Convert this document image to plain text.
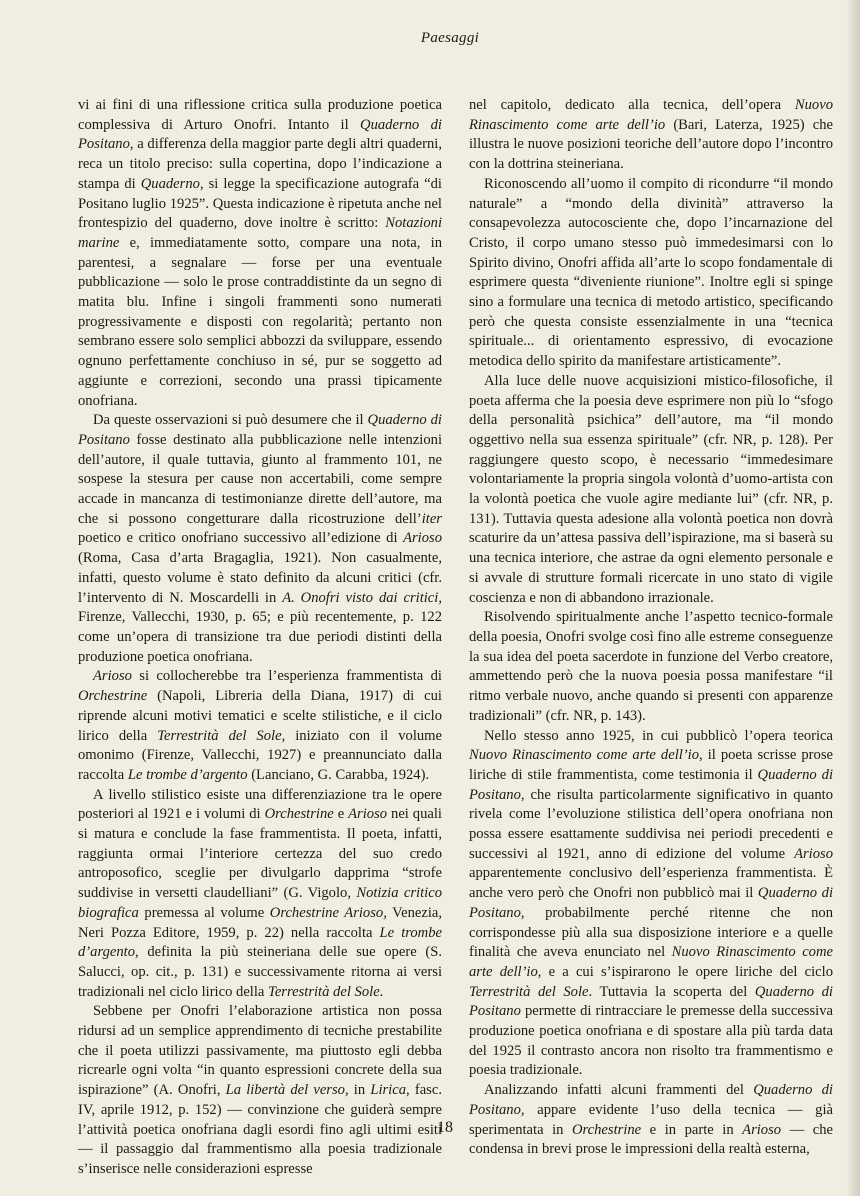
Paesaggi

vi ai fini di una riflessione critica sulla produzione poetica complessiva di Arturo Onofri. Intanto il Quaderno di Positano, a differenza della maggior parte degli altri quaderni, reca un titolo preciso: sulla copertina, dopo l’indicazione a stampa di Quaderno, si legge la specificazione autografa “di Positano luglio 1925”. Questa indicazione è ripetuta anche nel frontespizio del quaderno, dove inoltre è scritto: Notazioni marine e, immediatamente sotto, compare una nota, in parentesi, a segnalare — forse per una eventuale pubblicazione — solo le prose contraddistinte da un segno di matita blu. Infine i singoli frammenti sono numerati progressivamente e disposti con regolarità; pertanto non sembrano essere solo semplici abbozzi da sviluppare, essendo ognuno perfettamente conchiuso in sé, pur se soggetto ad aggiunte e correzioni, secondo una prassi tipicamente onofriana.

Da queste osservazioni si può desumere che il Quaderno di Positano fosse destinato alla pubblicazione nelle intenzioni dell’autore, il quale tuttavia, giunto al frammento 101, ne sospese la stesura per cause non accertabili, come sempre accade in mancanza di testimonianze dirette dell’autore, ma che si possono congetturare dalla ricostruzione dell’iter poetico e critico onofriano successivo all’edizione di Arioso (Roma, Casa d’arta Bragaglia, 1921). Non casualmente, infatti, questo volume è stato definito da alcuni critici (cfr. l’intervento di N. Moscardelli in A. Onofri visto dai critici, Firenze, Vallecchi, 1930, p. 65; e più recentemente, p. 122 come un’opera di transizione tra due periodi distinti della produzione poetica onofriana.

Arioso si collocherebbe tra l’esperienza frammentista di Orchestrine (Napoli, Libreria della Diana, 1917) di cui riprende alcuni motivi tematici e scelte stilistiche, e il ciclo lirico della Terrestrità del Sole, iniziato con il volume omonimo (Firenze, Vallecchi, 1927) e preannunciato dalla raccolta Le trombe d’argento (Lanciano, G. Carabba, 1924).

A livello stilistico esiste una differenziazione tra le opere posteriori al 1921 e i volumi di Orchestrine e Arioso nei quali si matura e conclude la fase frammentista. Il poeta, infatti, raggiunta ormai l’interiore certezza del suo credo antroposofico, sceglie per divulgarlo dapprima “strofe suddivise in versetti claudelliani” (G. Vigolo, Notizia critico biografica premessa al volume Orchestrine Arioso, Venezia, Neri Pozza Editore, 1959, p. 22) nella raccolta Le trombe d’argento, definita la più steineriana delle sue opere (S. Salucci, op. cit., p. 131) e successivamente ritorna ai versi tradizionali nel ciclo lirico della Terrestrità del Sole.

Sebbene per Onofri l’elaborazione artistica non possa ridursi ad un semplice apprendimento di tecniche prestabilite che il poeta utilizzi passivamente, ma piuttosto egli debba ricrearle ogni volta “in quanto espressioni concrete della sua ispirazione” (A. Onofri, La libertà del verso, in Lirica, fasc. IV, aprile 1912, p. 152) — convinzione che guiderà sempre l’attività poetica onofriana dagli esordi fino agli ultimi esiti — il passaggio dal frammentismo alla poesia tradizionale s’inserisce nelle considerazioni espresse

nel capitolo, dedicato alla tecnica, dell’opera Nuovo Rinascimento come arte dell’io (Bari, Laterza, 1925) che illustra le nuove posizioni teoriche dell’autore dopo l’incontro con la dottrina steineriana.

Riconoscendo all’uomo il compito di ricondurre “il mondo naturale” a “mondo della divinità” attraverso la consapevolezza autocosciente che, dopo l’incarnazione del Cristo, il corpo umano stesso può immedesimarsi con lo Spirito divino, Onofri affida all’arte lo scopo fondamentale di esprimere questa “diveniente riunione”. Inoltre egli si spinge sino a formulare una tecnica di metodo artistico, specificando però che questa consiste essenzialmente in una “tecnica spirituale... di orientamento espressivo, di evocazione metodica dello spirito da manifestare artisticamente”.

Alla luce delle nuove acquisizioni mistico-filosofiche, il poeta afferma che la poesia deve esprimere non più lo “sfogo della personalità psichica” dell’autore, ma “il mondo oggettivo nella sua essenza spirituale” (cfr. NR, p. 128). Per raggiungere questo scopo, è necessario “immedesimare volontariamente la propria singola volontà d’uomo-artista con la volontà poetica che vuole agire mediante lui” (cfr. NR, p. 131). Tuttavia questa adesione alla volontà poetica non dovrà scaturire da un’attesa passiva dell’ispirazione, ma si baserà su una tecnica interiore, che astrae da ogni elemento personale e si avvale di strutture formali ricercate in uno stato di vigile coscienza e non di abbandono irrazionale.

Risolvendo spiritualmente anche l’aspetto tecnico-formale della poesia, Onofri svolge così fino alle estreme conseguenze la sua idea del poeta sacerdote in funzione del Verbo creatore, ammettendo però che la nuova poesia possa manifestare “il ritmo verbale nuovo, anche quando si presenti con apparenze tradizionali” (cfr. NR, p. 143).

Nello stesso anno 1925, in cui pubblicò l’opera teorica Nuovo Rinascimento come arte dell’io, il poeta scrisse prose liriche di stile frammentista, come testimonia il Quaderno di Positano, che risulta particolarmente significativo in quanto rivela come l’evoluzione stilistica dell’opera onofriana non possa essere esattamente suddivisa nei periodi precedenti e successivi al 1921, anno di edizione del volume Arioso apparentemente conclusivo dell’esperienza frammentista. È anche vero però che Onofri non pubblicò mai il Quaderno di Positano, probabilmente perché ritenne che non corrispondesse più alla sua disposizione interiore e a quelle finalità che aveva enunciato nel Nuovo Rinascimento come arte dell’io, e a cui s’ispirarono le opere liriche del ciclo Terrestrità del Sole. Tuttavia la scoperta del Quaderno di Positano permette di rintracciare le premesse della successiva produzione poetica onofriana e di spostare alla più tarda data del 1925 il contrasto ancora non risolto tra frammentismo e poesia tradizionale.

Analizzando infatti alcuni frammenti del Quaderno di Positano, appare evidente l’uso della tecnica — già sperimentata in Orchestrine e in parte in Arioso — che condensa in brevi prose le impressioni della realtà esterna,

18
